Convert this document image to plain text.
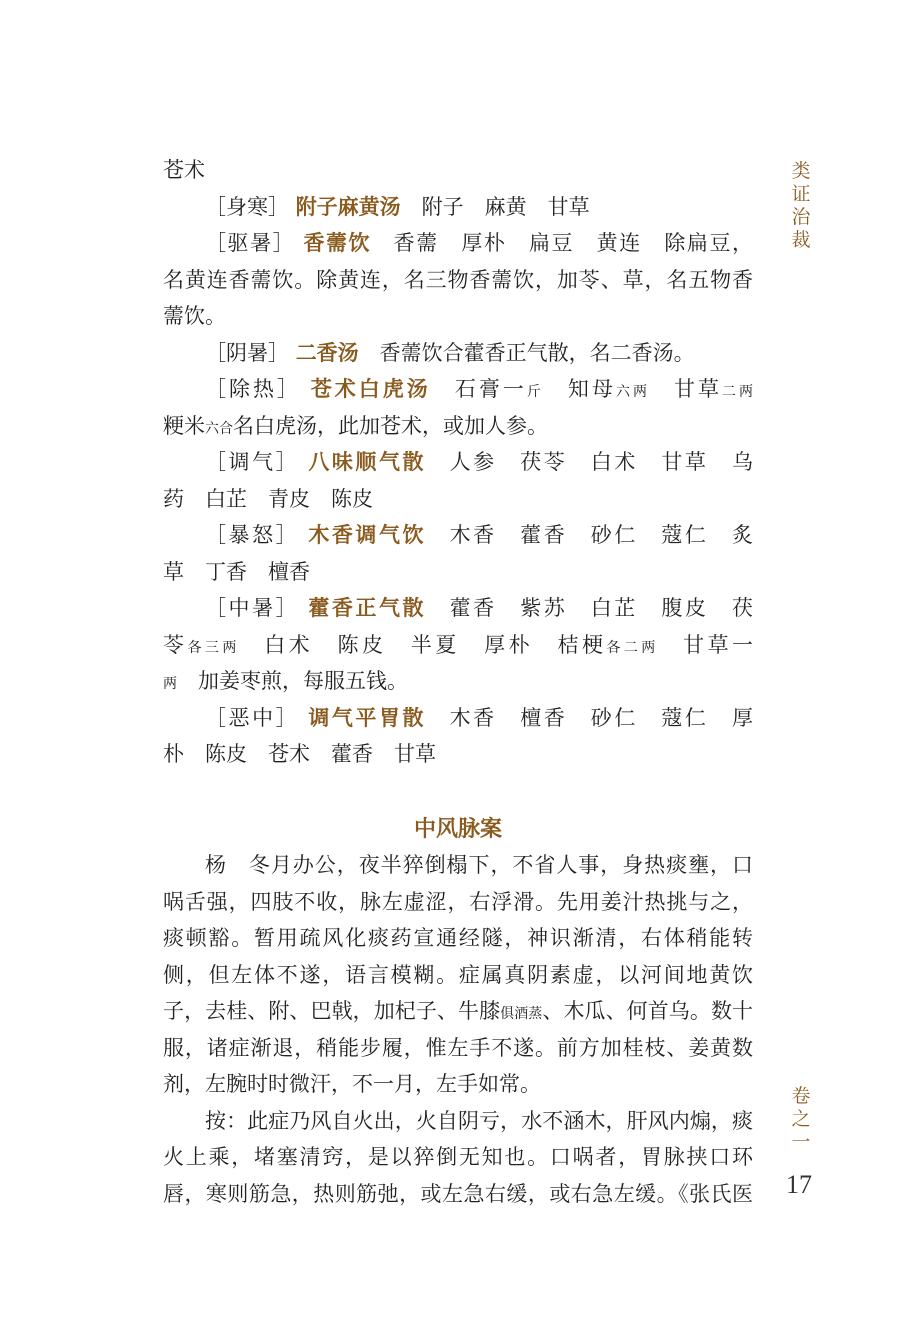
类
证
治
裁
卷
之
一
17
苍术
［身寒］ 附子麻黄汤　附子　麻黄　甘草
［驱暑］ 香薷饮　香薷　厚朴　扁豆　黄连　除扁豆，
名黄连香薷饮。除黄连，名三物香薷饮，加苓、草，名五物香
薷饮。
［阴暑］ 二香汤　香薷饮合藿香正气散，名二香汤。
［除热］ 苍术白虎汤　石膏一斤　知母六两　甘草二两
粳米六合名白虎汤，此加苍术，或加人参。
［调气］ 八味顺气散　人参　茯苓　白术　甘草　乌
药　白芷　青皮　陈皮
［暴怒］ 木香调气饮　木香　藿香　砂仁　蔻仁　炙
草　丁香　檀香
［中暑］ 藿香正气散　藿香　紫苏　白芷　腹皮　茯
苓各三两　白术　陈皮　半夏　厚朴　桔梗各二两　甘草一
两　加姜枣煎，每服五钱。
［恶中］ 调气平胃散　木香　檀香　砂仁　蔻仁　厚
朴　陈皮　苍术　藿香　甘草
中风脉案
杨　冬月办公，夜半猝倒榻下，不省人事，身热痰壅，口
㖞舌强，四肢不收，脉左虚涩，右浮滑。先用姜汁热挑与之，
痰顿豁。暂用疏风化痰药宣通经隧，神识渐清，右体稍能转
侧，但左体不遂，语言模糊。症属真阴素虚，以河间地黄饮
子，去桂、附、巴戟，加杞子、牛膝俱酒蒸、木瓜、何首乌。数十
服，诸症渐退，稍能步履，惟左手不遂。前方加桂枝、姜黄数
剂，左腕时时微汗，不一月，左手如常。
按：此症乃风自火出，火自阴亏，水不涵木，肝风内煽，痰
火上乘，堵塞清窍，是以猝倒无知也。口㖞者，胃脉挟口环
唇，寒则筋急，热则筋弛，或左急右缓，或右急左缓。《张氏医
